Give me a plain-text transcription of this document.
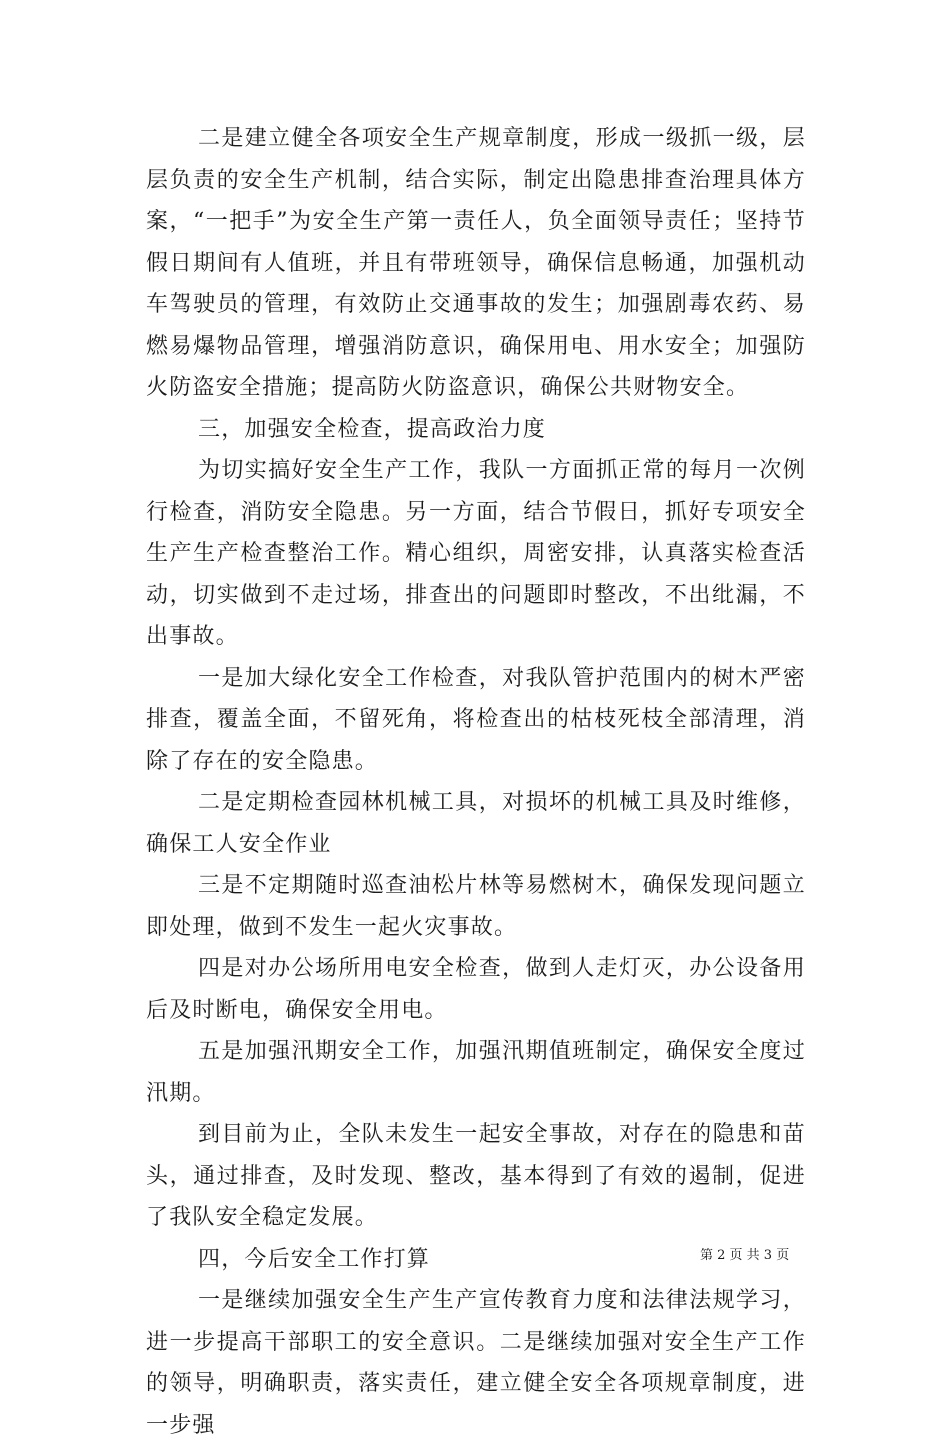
二是建立健全各项安全生产规章制度，形成一级抓一级，层层负责的安全生产机制，结合实际，制定出隐患排查治理具体方案，“一把手”为安全生产第一责任人，负全面领导责任；坚持节假日期间有人值班，并且有带班领导，确保信息畅通，加强机动车驾驶员的管理，有效防止交通事故的发生；加强剧毒农药、易燃易爆物品管理，增强消防意识，确保用电、用水安全；加强防火防盗安全措施；提高防火防盗意识，确保公共财物安全。

三，加强安全检查，提高政治力度

为切实搞好安全生产工作，我队一方面抓正常的每月一次例行检查，消防安全隐患。另一方面，结合节假日，抓好专项安全生产生产检查整治工作。精心组织，周密安排，认真落实检查活动，切实做到不走过场，排查出的问题即时整改，不出纰漏，不出事故。

一是加大绿化安全工作检查，对我队管护范围内的树木严密排查，覆盖全面，不留死角，将检查出的枯枝死枝全部清理，消除了存在的安全隐患。

二是定期检查园林机械工具，对损坏的机械工具及时维修，确保工人安全作业

三是不定期随时巡查油松片林等易燃树木，确保发现问题立即处理，做到不发生一起火灾事故。

四是对办公场所用电安全检查，做到人走灯灭，办公设备用后及时断电，确保安全用电。

五是加强汛期安全工作，加强汛期值班制定，确保安全度过汛期。

到目前为止，全队未发生一起安全事故，对存在的隐患和苗头，通过排查，及时发现、整改，基本得到了有效的遏制，促进了我队安全稳定发展。

四，今后安全工作打算

一是继续加强安全生产生产宣传教育力度和法律法规学习，进一步提高干部职工的安全意识。二是继续加强对安全生产工作的领导，明确职责，落实责任，建立健全安全各项规章制度，进一步强

第 2 页 共 3 页
